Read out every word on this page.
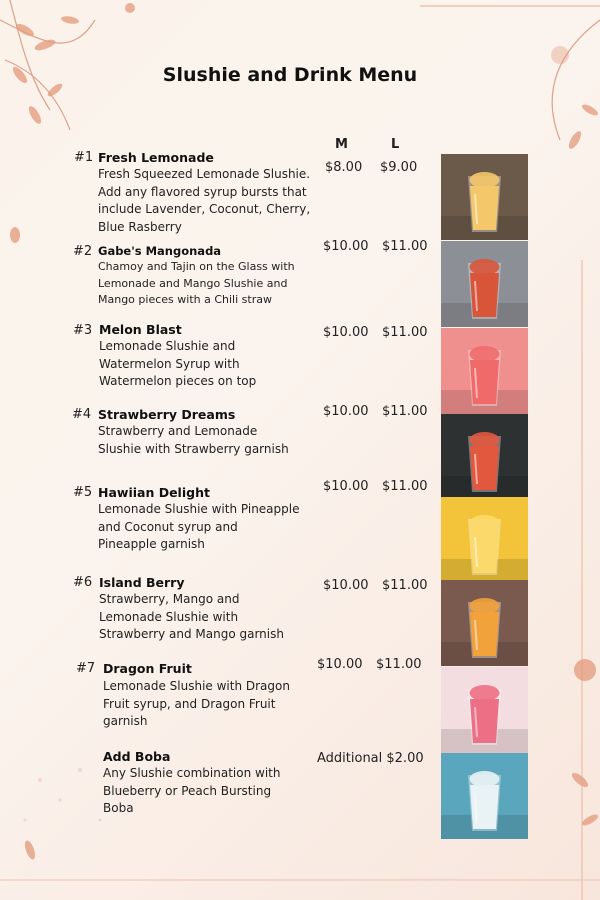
Slushie and Drink Menu
M	L
#1 Fresh Lemonade
Fresh Squeezed Lemonade Slushie.
Add any flavored syrup bursts that
include Lavender, Coconut, Cherry,
Blue Rasberry
$8.00 $9.00
#2 Gabe's Mangonada
Chamoy and Tajin on the Glass with
Lemonade and Mango Slushie and
Mango pieces with a Chili straw
$10.00 $11.00
#3 Melon Blast
Lemonade Slushie and
Watermelon Syrup with
Watermelon pieces on top
$10.00 $11.00
#4 Strawberry Dreams
Strawberry and Lemonade
Slushie with Strawberry garnish
$10.00 $11.00
#5 Hawiian Delight
Lemonade Slushie with Pineapple
and Coconut syrup and
Pineapple garnish
$10.00 $11.00
#6 Island Berry
Strawberry, Mango and
Lemonade Slushie with
Strawberry and Mango garnish
$10.00 $11.00
#7 Dragon Fruit
Lemonade Slushie with Dragon
Fruit syrup, and Dragon Fruit
garnish
$10.00 $11.00
Add Boba
Any Slushie combination with
Blueberry or Peach Bursting
Boba
Additional $2.00
